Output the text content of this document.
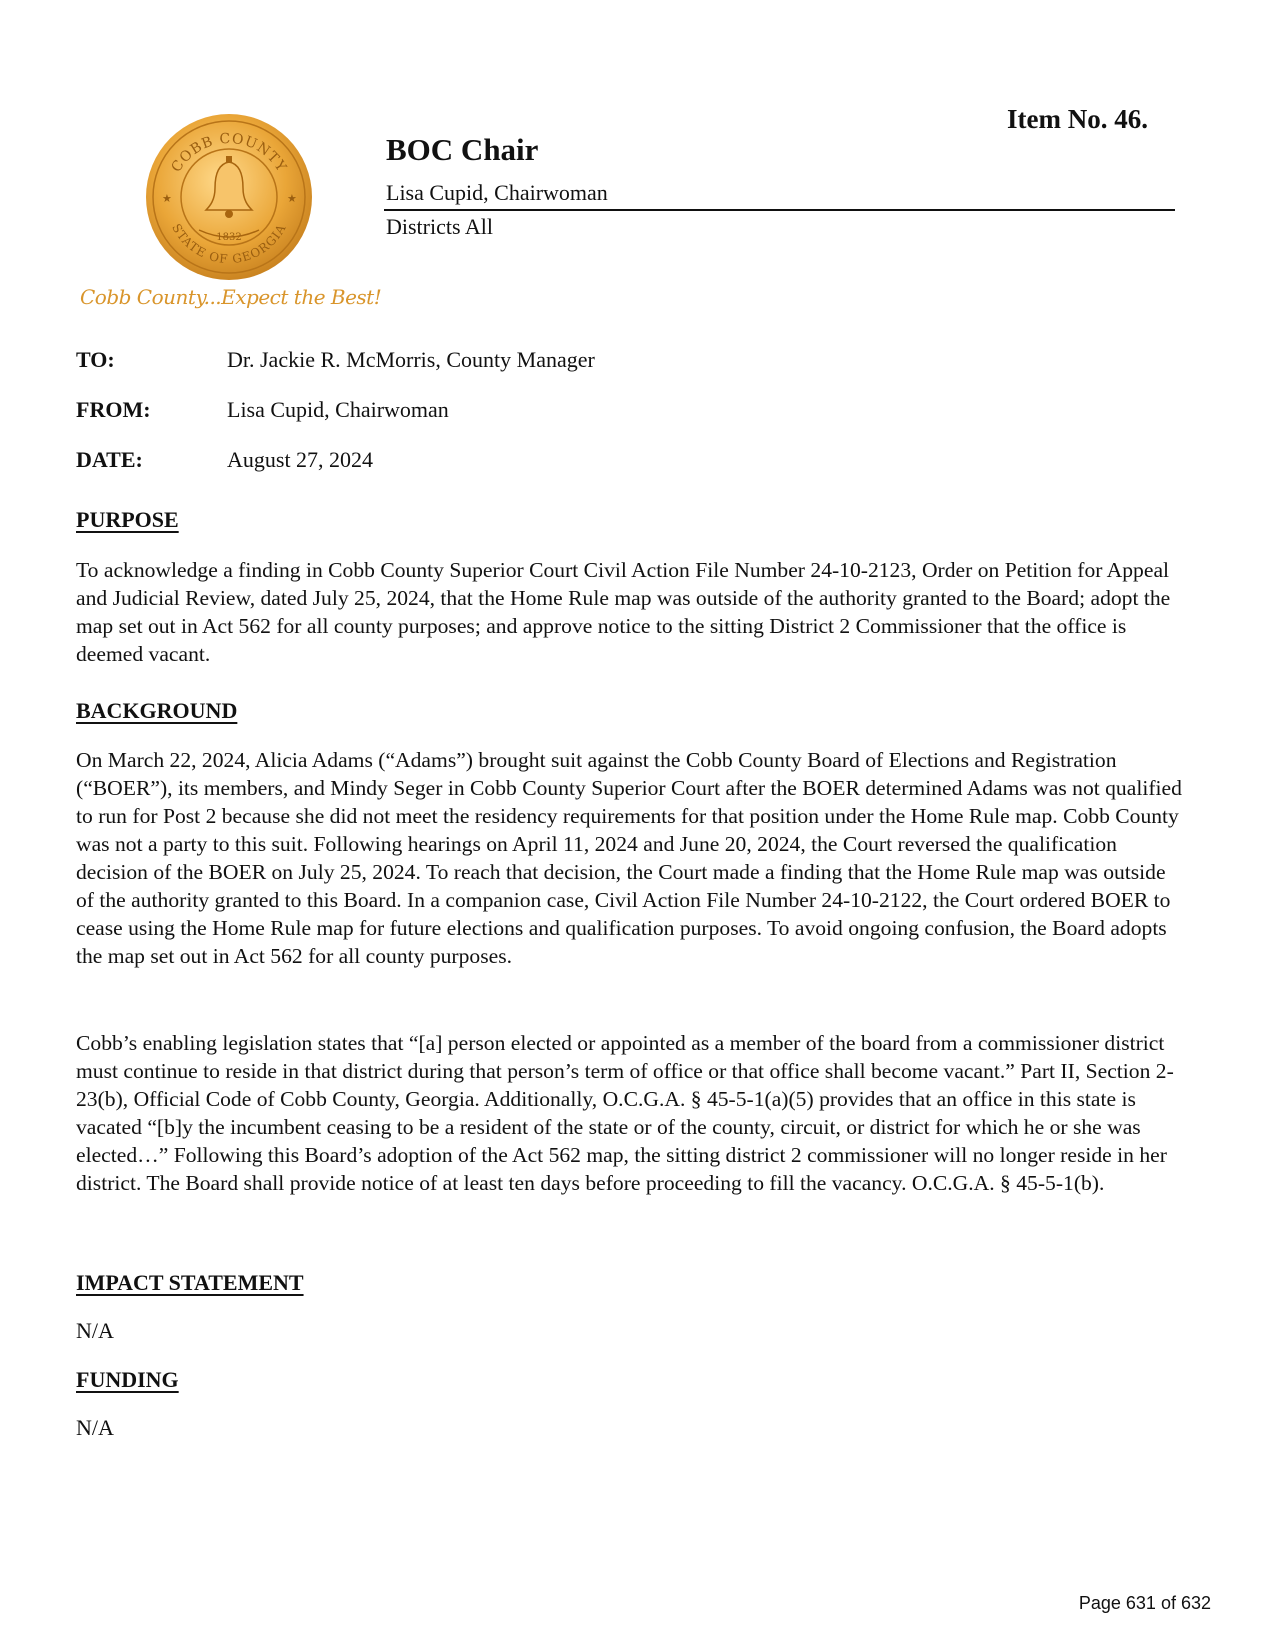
Item No. 46.
COBB COUNTY
STATE OF GEORGIA
★	★
1832
Cobb County...Expect the Best!
BOC Chair
Lisa Cupid, Chairwoman
Districts All
TO:	Dr. Jackie R. McMorris, County Manager
FROM:	Lisa Cupid, Chairwoman
DATE:	August 27, 2024
PURPOSE
To acknowledge a finding in Cobb County Superior Court Civil Action File Number 24-10-2123, Order on Petition for Appeal and Judicial Review, dated July 25, 2024, that the Home Rule map was outside of the authority granted to the Board; adopt the map set out in Act 562 for all county purposes; and approve notice to the sitting District 2 Commissioner that the office is deemed vacant.
BACKGROUND
On March 22, 2024, Alicia Adams (“Adams”) brought suit against the Cobb County Board of Elections and Registration (“BOER”), its members, and Mindy Seger in Cobb County Superior Court after the BOER determined Adams was not qualified to run for Post 2 because she did not meet the residency requirements for that position under the Home Rule map. Cobb County was not a party to this suit. Following hearings on April 11, 2024 and June 20, 2024, the Court reversed the qualification decision of the BOER on July 25, 2024. To reach that decision, the Court made a finding that the Home Rule map was outside of the authority granted to this Board. In a companion case, Civil Action File Number 24-10-2122, the Court ordered BOER to cease using the Home Rule map for future elections and qualification purposes. To avoid ongoing confusion, the Board adopts the map set out in Act 562 for all county purposes.
Cobb’s enabling legislation states that “[a] person elected or appointed as a member of the board from a commissioner district must continue to reside in that district during that person’s term of office or that office shall become vacant.” Part II, Section 2-23(b), Official Code of Cobb County, Georgia. Additionally, O.C.G.A. § 45-5-1(a)(5) provides that an office in this state is vacated “[b]y the incumbent ceasing to be a resident of the state or of the county, circuit, or district for which he or she was elected…” Following this Board’s adoption of the Act 562 map, the sitting district 2 commissioner will no longer reside in her district. The Board shall provide notice of at least ten days before proceeding to fill the vacancy. O.C.G.A. § 45-5-1(b).
IMPACT STATEMENT
N/A
FUNDING
N/A
Page 631 of 632
